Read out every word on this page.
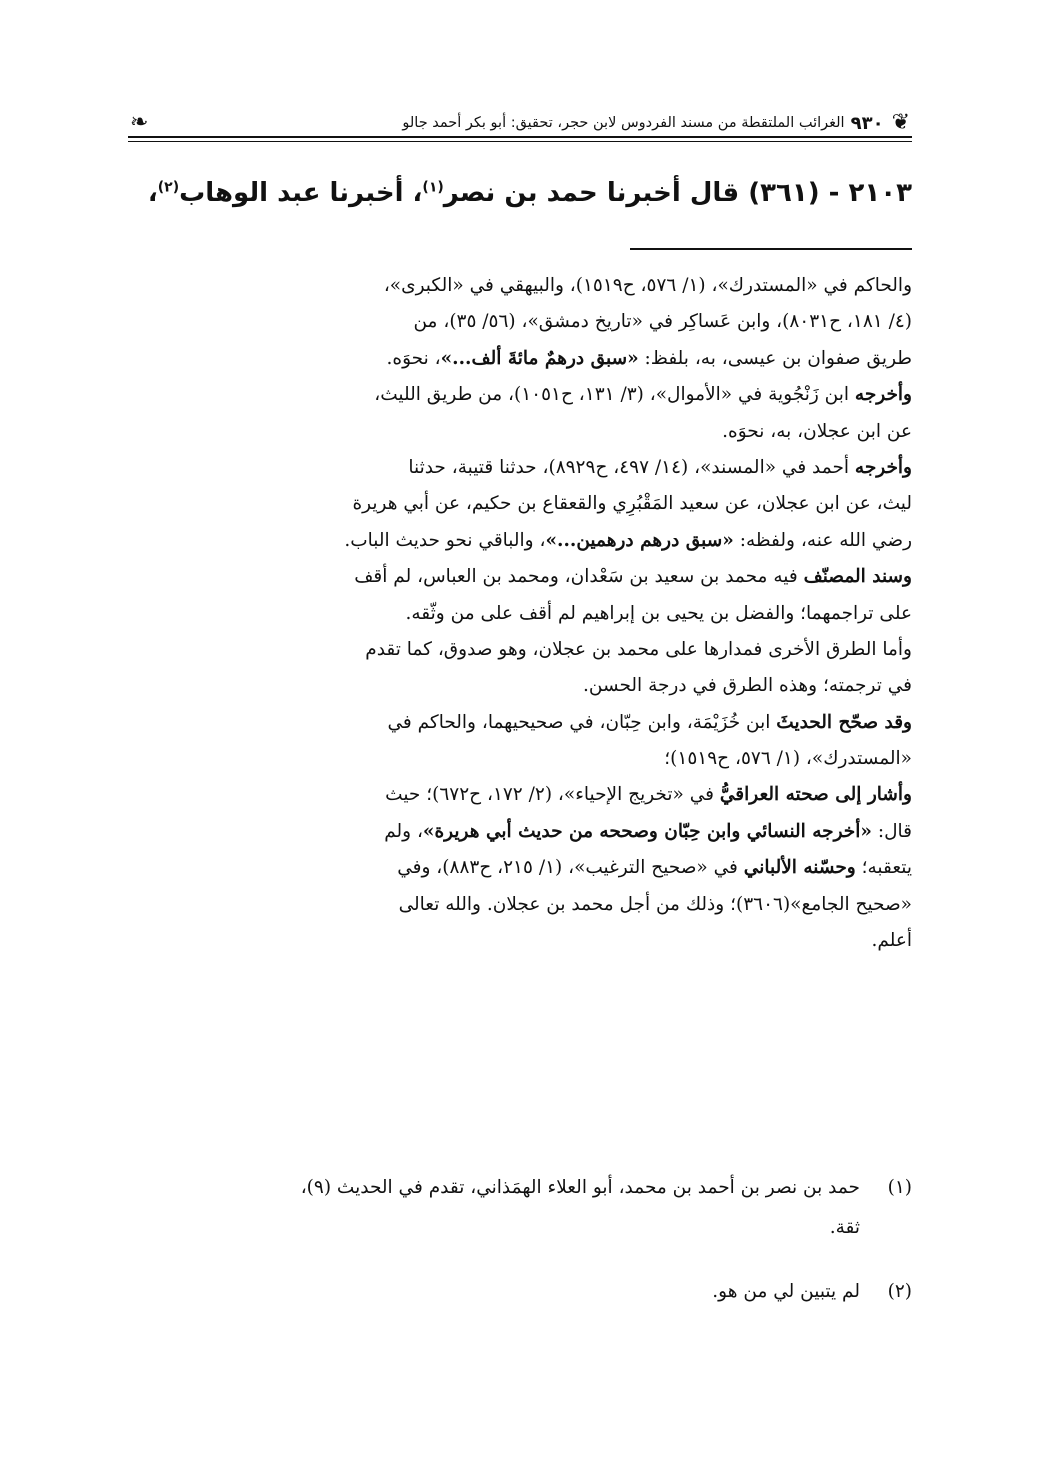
❦
٩٣٠
الغرائب الملتقطة من مسند الفردوس لابن حجر، تحقيق: أبو بكر أحمد جالو
❧
٢١٠٣ - (٣٦١) قال أخبرنا حمد بن نصر$^{(١)}$، أخبرنا عبد الوهاب$^{(٢)}$،
والحاكم في «المستدرك»، (١/ ٥٧٦، ح١٥١٩)، والبيهقي في «الكبرى»،
(٤/ ١٨١، ح٨٠٣١)، وابن عَساكِر في «تاريخ دمشق»، (٥٦/ ٣٥)، من
طريق صفوان بن عيسى، به، بلفظ: «سبق درهمٌ مائةَ ألف...»، نحوَه.
وأخرجه ابن زَنْجُوية في «الأموال»، (٣/ ١٣١، ح١٠٥١)، من طريق الليث،
عن ابن عجلان، به، نحوَه.
وأخرجه أحمد في «المسند»، (١٤/ ٤٩٧، ح٨٩٢٩)، حدثنا قتيبة، حدثنا
ليث، عن ابن عجلان، عن سعيد المَقْبُرِي والقعقاع بن حكيم، عن أبي هريرة
رضي الله عنه، ولفظه: «سبق درهم درهمين...»، والباقي نحو حديث الباب.
وسند المصنّف فيه محمد بن سعيد بن سَعْدان، ومحمد بن العباس، لم أقف
على تراجمهما؛ والفضل بن يحيى بن إبراهيم لم أقف على من وثّقه.
وأما الطرق الأخرى فمدارها على محمد بن عجلان، وهو صدوق، كما تقدم
في ترجمته؛ وهذه الطرق في درجة الحسن.
وقد صحّح الحديثَ ابن خُزَيْمَة، وابن حِبّان، في صحيحيهما، والحاكم في
«المستدرك»، (١/ ٥٧٦، ح١٥١٩)؛
وأشار إلى صحته العراقيُّ في «تخريج الإحياء»، (٢/ ١٧٢، ح٦٧٢)؛ حيث
قال: «أخرجه النسائي وابن حِبّان وصححه من حديث أبي هريرة»، ولم
يتعقبه؛ وحسّنه الألباني في «صحيح الترغيب»، (١/ ٢١٥، ح٨٨٣)، وفي
«صحيح الجامع»(٣٦٠٦)؛ وذلك من أجل محمد بن عجلان. والله تعالى
أعلم.
(١)
حمد بن نصر بن أحمد بن محمد، أبو العلاء الهمَذاني، تقدم في الحديث (٩)،
ثقة.
(٢)
لم يتبين لي من هو.
